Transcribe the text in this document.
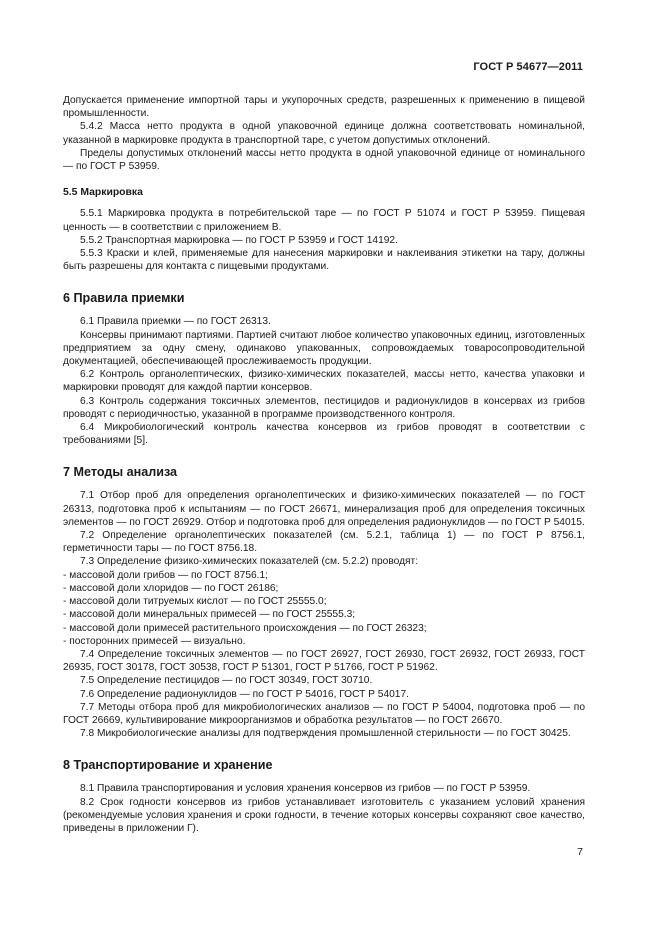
ГОСТ Р 54677—2011

Допускается применение импортной тары и укупорочных средств, разрешенных к применению в пищевой промышленности.

5.4.2 Масса нетто продукта в одной упаковочной единице должна соответствовать номинальной, указанной в маркировке продукта в транспортной таре, с учетом допустимых отклонений.

Пределы допустимых отклонений массы нетто продукта в одной упаковочной единице от номинального — по ГОСТ Р 53959.

5.5 Маркировка

5.5.1 Маркировка продукта в потребительской таре — по ГОСТ Р 51074 и ГОСТ Р 53959. Пищевая ценность — в соответствии с приложением В.

5.5.2 Транспортная маркировка — по ГОСТ Р 53959 и ГОСТ 14192.

5.5.3 Краски и клей, применяемые для нанесения маркировки и наклеивания этикетки на тару, должны быть разрешены для контакта с пищевыми продуктами.

6 Правила приемки

6.1 Правила приемки — по ГОСТ 26313.

Консервы принимают партиями. Партией считают любое количество упаковочных единиц, изготовленных предприятием за одну смену, одинаково упакованных, сопровождаемых товаросопроводительной документацией, обеспечивающей прослеживаемость продукции.

6.2 Контроль органолептических, физико-химических показателей, массы нетто, качества упаковки и маркировки проводят для каждой партии консервов.

6.3 Контроль содержания токсичных элементов, пестицидов и радионуклидов в консервах из грибов проводят с периодичностью, указанной в программе производственного контроля.

6.4 Микробиологический контроль качества консервов из грибов проводят в соответствии с требованиями [5].

7 Методы анализа

7.1 Отбор проб для определения органолептических и физико-химических показателей — по ГОСТ 26313, подготовка проб к испытаниям — по ГОСТ 26671, минерализация проб для определения токсичных элементов — по ГОСТ 26929. Отбор и подготовка проб для определения радионуклидов — по ГОСТ Р 54015.

7.2 Определение органолептических показателей (см. 5.2.1, таблица 1) — по ГОСТ Р 8756.1, герметичности тары — по ГОСТ 8756.18.

7.3 Определение физико-химических показателей (см. 5.2.2) проводят:

- массовой доли грибов — по ГОСТ 8756.1;

- массовой доли хлоридов — по ГОСТ 26186;

- массовой доли титруемых кислот — по ГОСТ 25555.0;

- массовой доли минеральных примесей — по ГОСТ 25555.3;

- массовой доли примесей растительного происхождения — по ГОСТ 26323;

- посторонних примесей — визуально.

7.4 Определение токсичных элементов — по ГОСТ 26927, ГОСТ 26930, ГОСТ 26932, ГОСТ 26933, ГОСТ 26935, ГОСТ 30178, ГОСТ 30538, ГОСТ Р 51301, ГОСТ Р 51766, ГОСТ Р 51962.

7.5 Определение пестицидов — по ГОСТ 30349, ГОСТ 30710.

7.6 Определение радионуклидов — по ГОСТ Р 54016, ГОСТ Р 54017.

7.7 Методы отбора проб для микробиологических анализов — по ГОСТ Р 54004, подготовка проб — по ГОСТ 26669, культивирование микроорганизмов и обработка результатов — по ГОСТ 26670.

7.8 Микробиологические анализы для подтверждения промышленной стерильности — по ГОСТ 30425.

8 Транспортирование и хранение

8.1 Правила транспортирования и условия хранения консервов из грибов — по ГОСТ Р 53959.

8.2 Срок годности консервов из грибов устанавливает изготовитель с указанием условий хранения (рекомендуемые условия хранения и сроки годности, в течение которых консервы сохраняют свое качество, приведены в приложении Г).

7
